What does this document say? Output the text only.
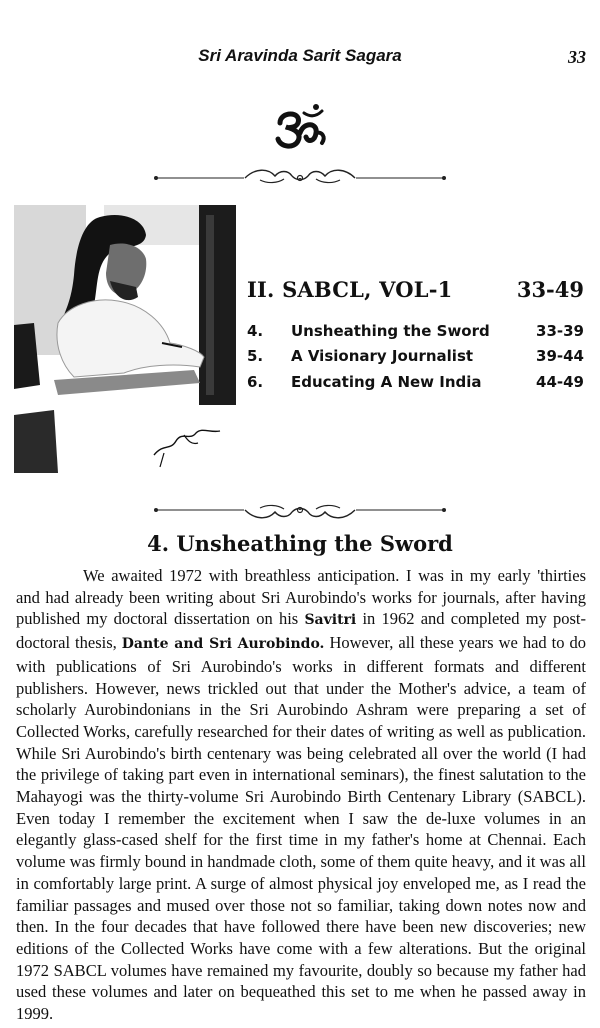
Sri Aravinda Sarit Sagara	33
II. SABCL, VOL-1	33-49
4.	Unsheathing the Sword	33-39
5.	A Visionary Journalist	39-44
6.	Educating A New India	44-49
4. Unsheathing the Sword

We awaited 1972 with breathless anticipation. I was in my early 'thirties and had already been writing about Sri Aurobindo's works for journals, after having published my doctoral dissertation on his Savitri in 1962 and completed my post-doctoral thesis, Dante and Sri Aurobindo. However, all these years we had to do with publications of Sri Aurobindo's works in different formats and different publishers. However, news trickled out that under the Mother's advice, a team of scholarly Aurobindonians in the Sri Aurobindo Ashram were preparing a set of Collected Works, carefully researched for their dates of writing as well as publication. While Sri Aurobindo's birth centenary was being celebrated all over the world (I had the privilege of taking part even in international seminars), the finest salutation to the Mahayogi was the thirty-volume Sri Aurobindo Birth Centenary Library (SABCL). Even today I remember the excitement when I saw the de-luxe volumes in an elegantly glass-cased shelf for the first time in my father's home at Chennai. Each volume was firmly bound in handmade cloth, some of them quite heavy, and it was all in comfortably large print. A surge of almost physical joy enveloped me, as I read the familiar passages and mused over those not so familiar, taking down notes now and then. In the four decades that have followed there have been new discoveries; new editions of the Collected Works have come with a few alterations. But the original 1972 SABCL volumes have remained my favourite, doubly so because my father had used these volumes and later on bequeathed this set to me when he passed away in 1999.
